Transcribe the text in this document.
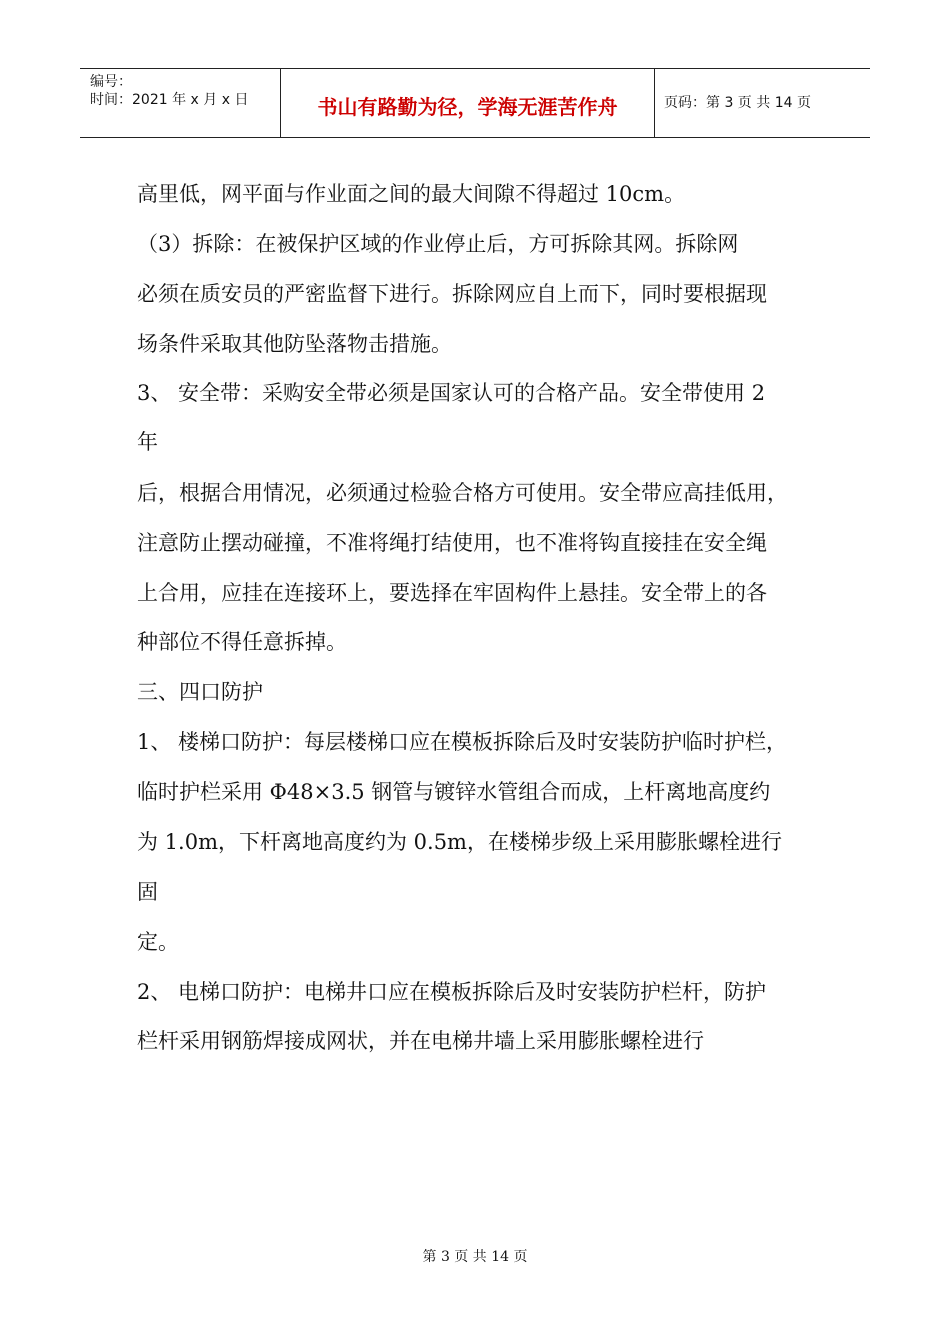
编号：
时间：2021 年 x 月 x 日	书山有路勤为径，学海无涯苦作舟	页码：第 3 页 共 14 页
高里低，网平面与作业面之间的最大间隙不得超过 10cm。
（3）拆除：在被保护区域的作业停止后，方可拆除其网。拆除网
必须在质安员的严密监督下进行。拆除网应自上而下，同时要根据现
场条件采取其他防坠落物击措施。
3、 安全带：采购安全带必须是国家认可的合格产品。安全带使用 2
年
后，根据合用情况，必须通过检验合格方可使用。安全带应高挂低用，
注意防止摆动碰撞，不准将绳打结使用，也不准将钩直接挂在安全绳
上合用，应挂在连接环上，要选择在牢固构件上悬挂。安全带上的各
种部位不得任意拆掉。
三、四口防护
1、 楼梯口防护：每层楼梯口应在模板拆除后及时安装防护临时护栏，
临时护栏采用 Φ48×3.5 钢管与镀锌水管组合而成，上杆离地高度约
为 1.0m，下杆离地高度约为 0.5m，在楼梯步级上采用膨胀螺栓进行
固
定。
2、 电梯口防护：电梯井口应在模板拆除后及时安装防护栏杆，防护
栏杆采用钢筋焊接成网状，并在电梯井墙上采用膨胀螺栓进行
第 3 页 共 14 页
